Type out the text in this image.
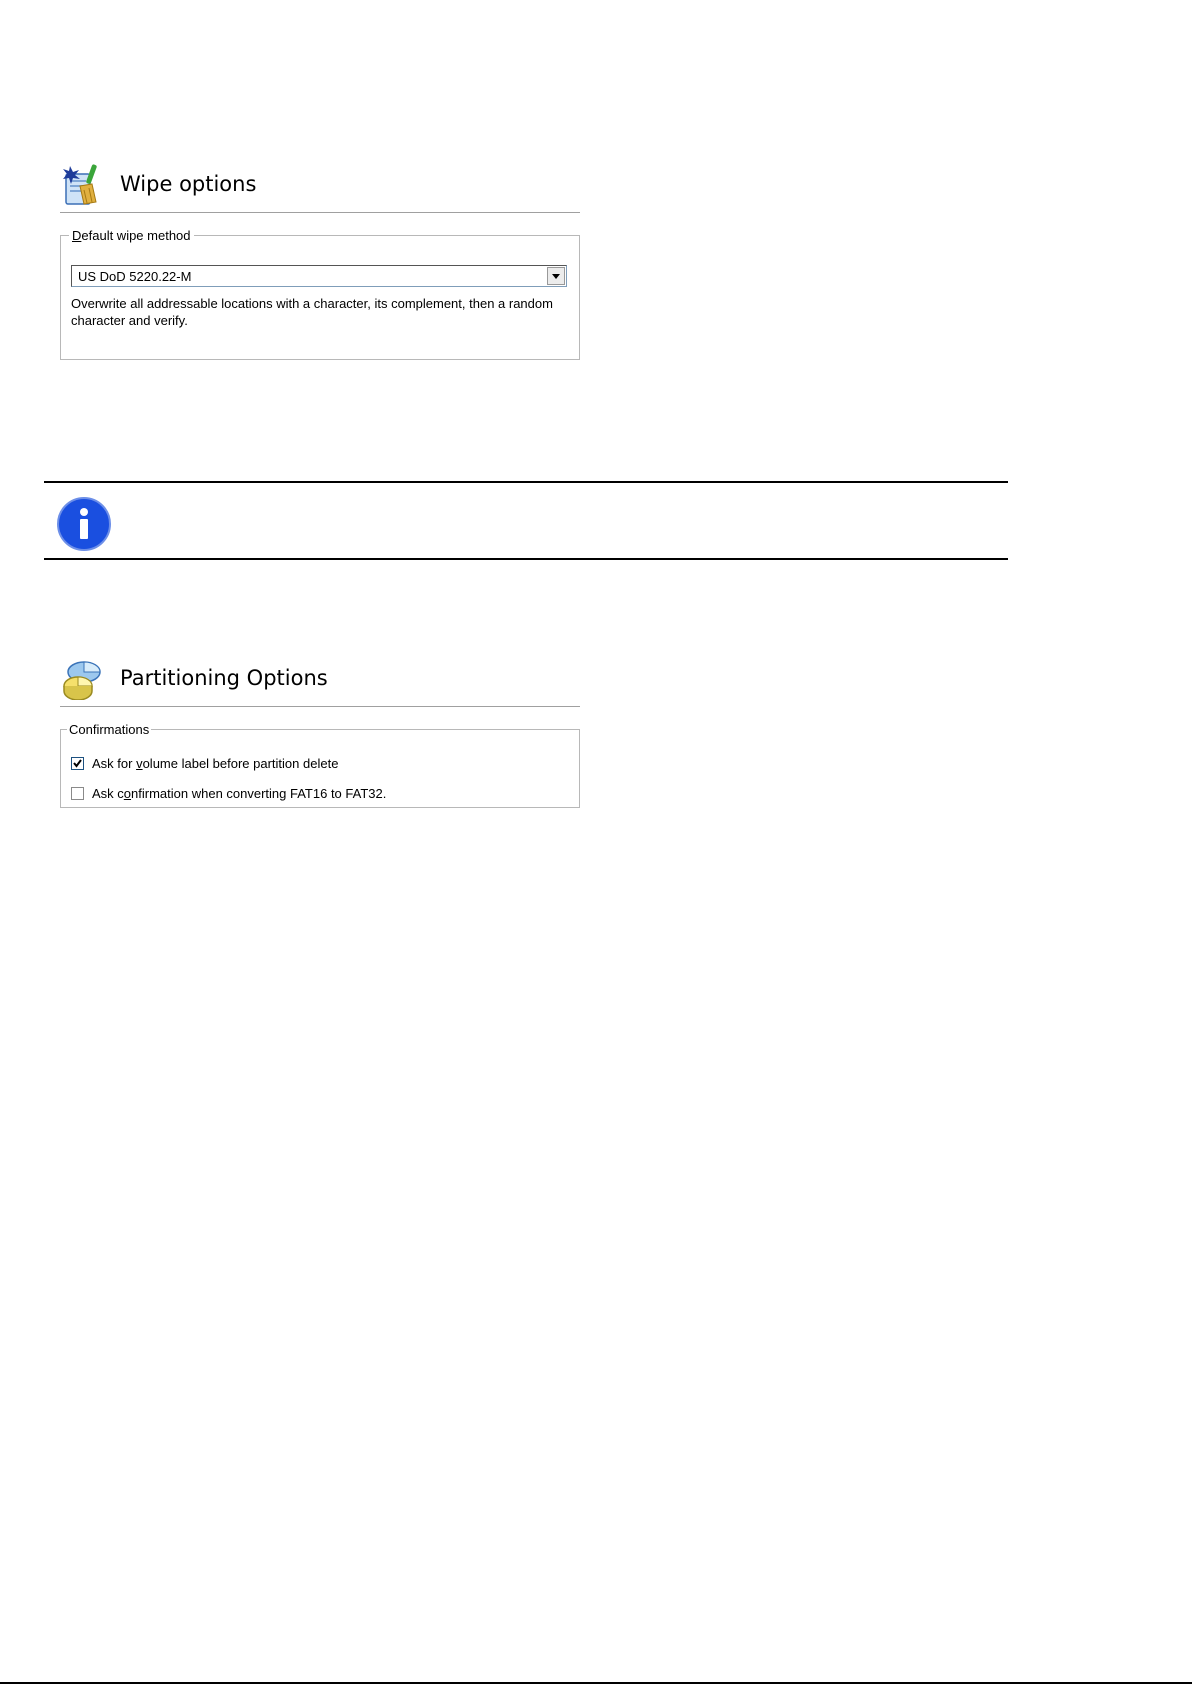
Wipe options
Default wipe method
US DoD 5220.22-M
Overwrite all addressable locations with a character, its complement, then a random character and verify.
Partitioning Options
Confirmations
Ask for volume label before partition delete
Ask confirmation when converting FAT16 to FAT32.
